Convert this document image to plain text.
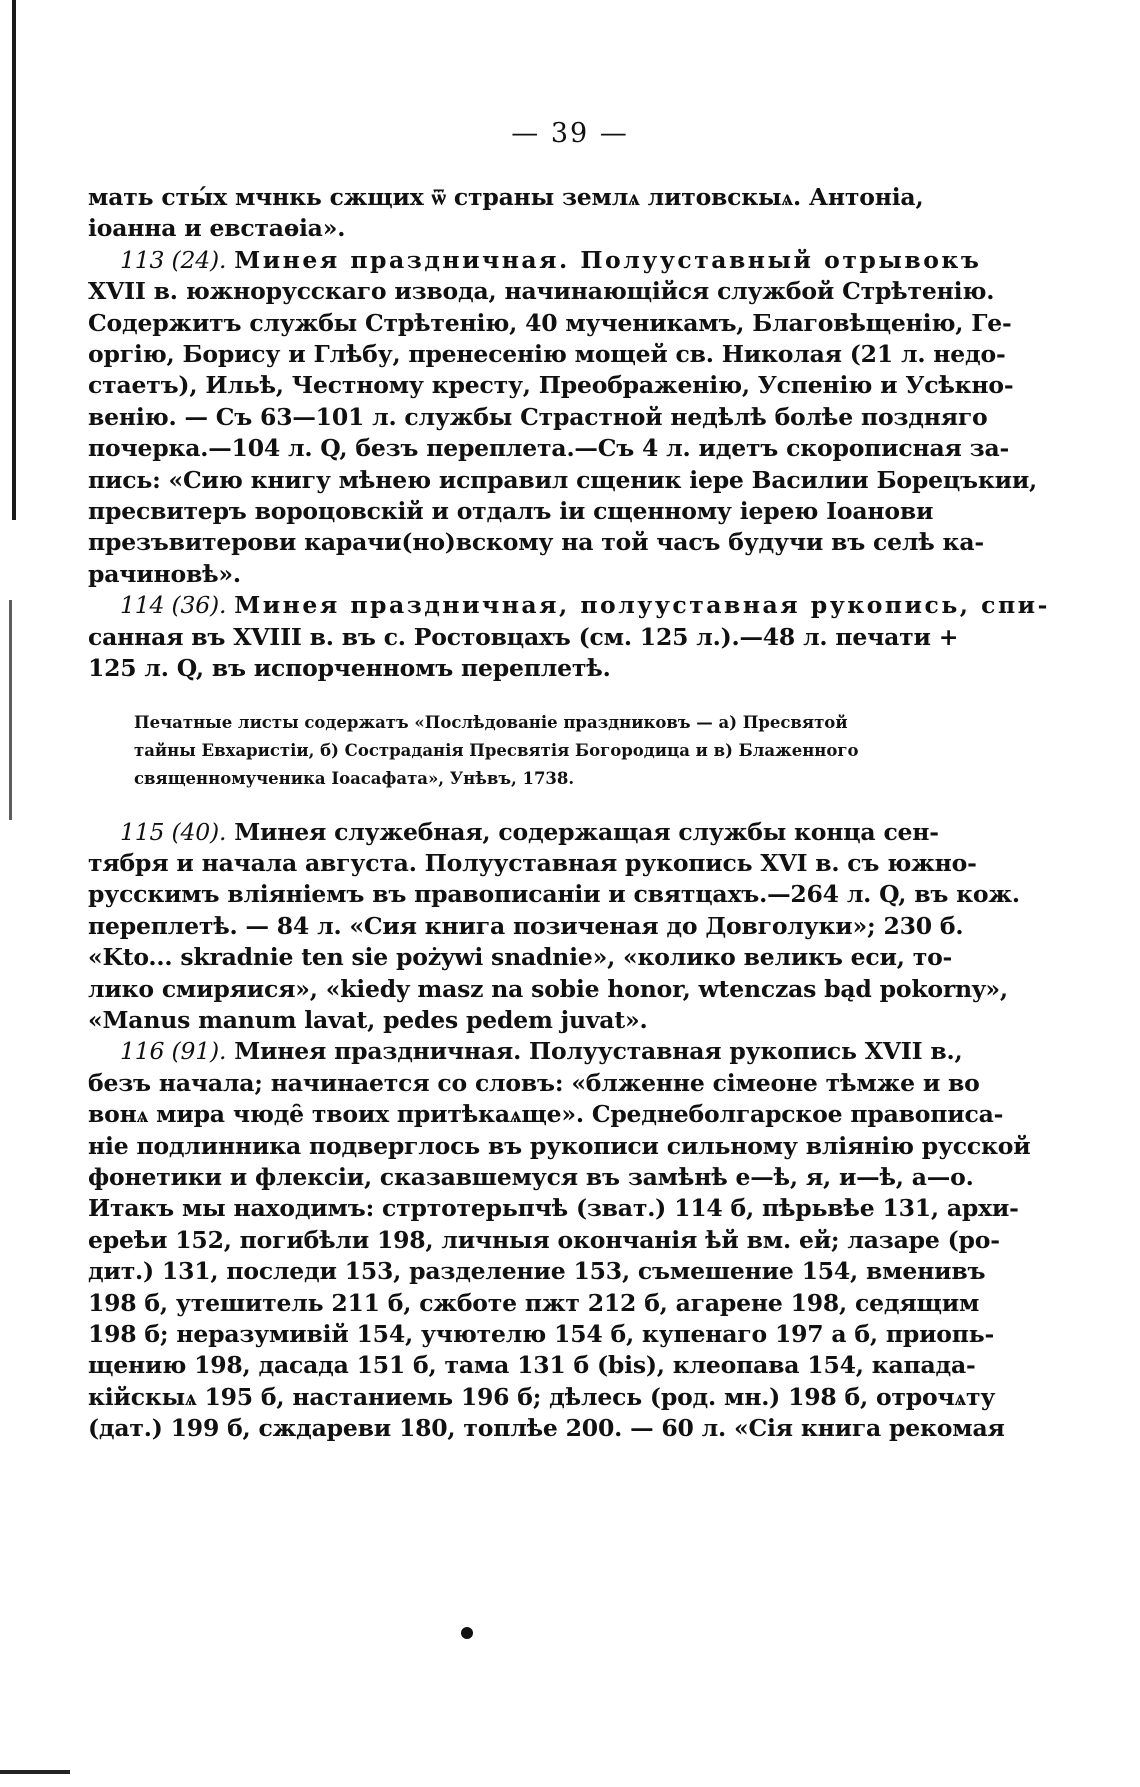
— 39 —
мать сты́х мчнкь сжщих ѿ страны землѧ литовскыѧ. Антоніа,
іоанна и евстаѳіа».
113 (24). Минея праздничная. Полууставный отрывокъ
XVII в. южнорусскаго извода, начинающійся службой Стрѣтенію.
Содержитъ службы Стрѣтенію, 40 мученикамъ, Благовѣщенію, Ге-
оргію, Борису и Глѣбу, пренесенію мощей св. Николая (21 л. недо-
стаетъ), Ильѣ, Честному кресту, Преображенію, Успенію и Усѣкно-
венію. — Съ 63—101 л. службы Страстной недѣлѣ болѣе поздняго
почерка.—104 л. Q, безъ переплета.—Съ 4 л. идетъ скорописная за-
пись: «Сию книгу мѣнею исправил сщеник іерe Василии Борецъкии,
пресвитеръ вороцовскій и отдалъ іи сщенному іерею Іоанови
презъвитерови карачи(но)вскому на той часъ будучи въ селѣ ка-
рачиновѣ».
114 (36). Минея праздничная, полууставная рукопись, спи-
санная въ XVIII в. въ с. Ростовцахъ (см. 125 л.).—48 л. печати +
125 л. Q, въ испорченномъ переплетѣ.
Печатные листы содержатъ «Послѣдованіе праздниковъ — а) Пресвятой
тайны Евхаристіи, б) Состраданія Пресвятія Богородица и в) Блаженного
священномученика Іоасафата», Унѣвъ, 1738.
115 (40). Минея служебная, содержащая службы конца сен-
тября и начала августа. Полууставная рукопись XVI в. съ южно-
русскимъ вліяніемъ въ правописаніи и святцахъ.—264 л. Q, въ кож.
переплетѣ. — 84 л. «Сия книга позиченая до Довголуки»; 230 б.
«Kto... skradnie ten sie pożywi snadnie», «колико великъ еси, то-
лико смиряися», «kiedy masz na sobie honor, wtenczas bąd pokorny»,
«Manus manum lavat, pedes pedem juvat».
116 (91). Минея праздничная. Полууставная рукопись XVII в.,
безъ начала; начинается со словъ: «блженне сімеоне тѣмже и во
вонѧ мира чюде̑ твоих притѣкаѧще». Среднеболгарское правописа-
ніе подлинника подверглось въ рукописи сильному вліянію русской
фонетики и флексіи, сказавшемуся въ замѣнѣ е—ѣ, я, и—ѣ, а—о.
Итакъ мы находимъ: стртотерьпчѣ (зват.) 114 б, пѣрьвѣе 131, архи-
ереѣи 152, погибѣли 198, личныя окончанія ѣй вм. ей; лазаре (ро-
дит.) 131, последи 153, разделение 153, съмешение 154, вменивъ
198 б, утешитель 211 б, сжботе пжт 212 б, агарене 198, седящим
198 б; неразумивій 154, учютелю 154 б, купенаго 197 а б, приопь-
щению 198, дасада 151 б, тама 131 б (bis), клеопава 154, капада-
кійскыѧ 195 б, настаниемь 196 б; дѣлесь (род. мн.) 198 б, отрочѧту
(дат.) 199 б, сждареви 180, топлѣе 200. — 60 л. «Сія книга рекомая
